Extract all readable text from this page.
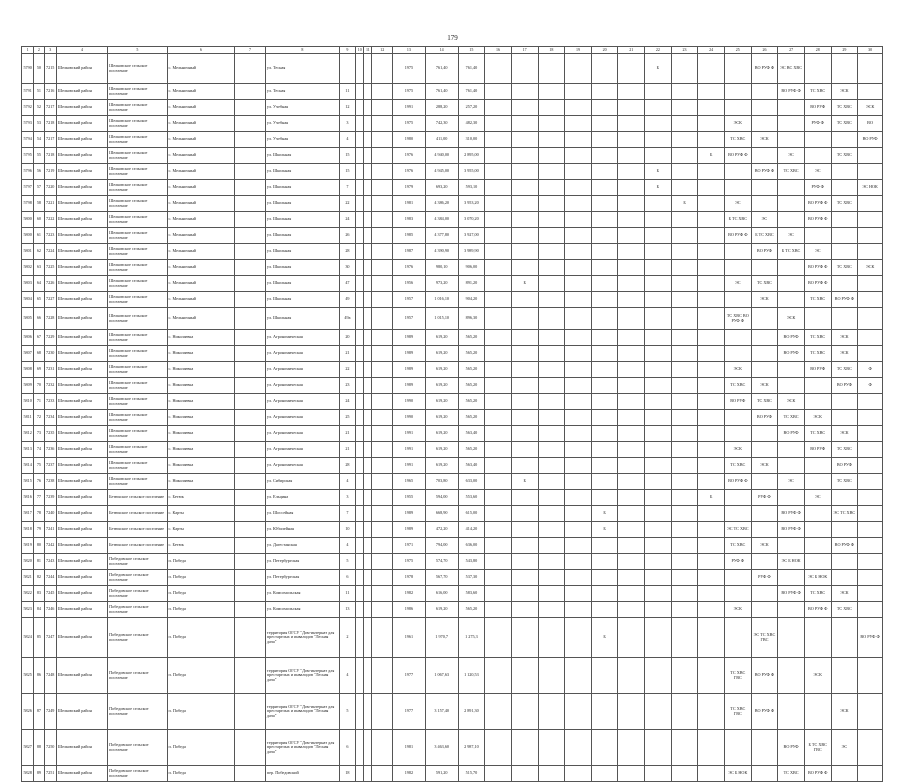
179
1	2	3	4	5	6	7	8	9	10	11	12	13	14	15	16	17	18	19	20	21	22	23	24	25	26	27	28	29	30
5790	50	7215	Шелковский район	Шелковское сельское поселение	с. Мельничный		ул. Тесная					1975	761,40	761,40							Б				ВО РУФ Ф	ЭС ВС ХВС			
5791	51	7216	Шелковский район	Шелковское сельское поселение	с. Мельничный		ул. Тесная	11				1975	761,40	761,40												ВО РУФ Ф	ТС ХВС	ЭСК	
5792	52	7217	Шелковский район	Шелковское сельское поселение	с. Мельничный		ул. Учебная	12				1991	288,20	257,20													ВО РУФ	ТС ХВС	ЭСК
5793	53	7218	Шелковский район	Шелковское сельское поселение	с. Мельничный		ул. Учебная	3				1975	742,30	482,30										ЭСК			РУФ Ф	ТС ХВС	ВО
5794	54	7217	Шелковский район	Шелковское сельское поселение	с. Мельничный		ул. Учебная	4				1980	411,00	310,00										ТС ХВС	ЭСК				ВО РУФ
5795	55	7218	Шелковский район	Шелковское сельское поселение	с. Мельничный		ул. Школьная	15				1976	4 940,00	2 895,00									Б	ВО РУФ Ф		ЭС		ТС ХВС	
5796	56	7219	Шелковский район	Шелковское сельское поселение	с. Мельничный		ул. Школьная	15				1976	4 945,00	3 955,00							Б				ВО РУФ Ф	ТС ХВС	ЭС		
5797	57	7220	Шелковский район	Шелковское сельское поселение	с. Мельничный		ул. Школьная	7				1979	693,20	593,10							Б						РУФ Ф		ЭС НОК
5798	58	7221	Шелковский район	Шелковское сельское поселение	с. Мельничный		ул. Школьная	22				1981	4 386,20	3 953,20								Б		ЭС			ВО РУФ Ф	ТС ХВС	
5800	60	7222	Шелковский район	Шелковское сельское поселение	с. Мельничный		ул. Школьная	24				1983	4 384,00	3 070,20										Б ТС ХВС	ЭС		ВО РУФ Ф		
5800	61	7223	Шелковский район	Шелковское сельское поселение	с. Мельничный		ул. Школьная	26				1985	4 377,80	3 927,00										ВО РУФ Ф	Б ТС ХВС	ЭС			
5801	62	7224	Шелковский район	Шелковское сельское поселение	с. Мельничный		ул. Школьная	28				1987	4 390,90	3 989,90											ВО РУФ	Б ТС ХВС	ЭС		
5802	63	7225	Шелковский район	Шелковское сельское поселение	с. Мельничный		ул. Школьная	30				1976	980,10	906,00													ВО РУФ Ф	ТС ХВС	ЭСК
5803	64	7226	Шелковский район	Шелковское сельское поселение	с. Мельничный		ул. Школьная	47				1956	973,20	891,20		Б								ЭС	ТС ХВС		ВО РУФ Ф		
5804	65	7227	Шелковский район	Шелковское сельское поселение	с. Мельничный		ул. Школьная	49				1957	1 016,10	904,20											ЭСК		ТС ХВС	ВО РУФ Ф	
5805	66	7228	Шелковский район	Шелковское сельское поселение	с. Мельничный		ул. Школьная	49а				1957	1 015,10	896,30										ТС ХВС ВО РУФ Ф		ЭСК			
5806	67	7229	Шелковский район	Шелковское сельское поселение	с. Николаевка		ул. Агрономическая	20				1989	619,20	565,20												ВО РУФ	ТС ХВС	ЭСК	
5807	68	7230	Шелковский район	Шелковское сельское поселение	с. Николаевка		ул. Агрономическая	21				1989	619,20	565,20												ВО РУФ	ТС ХВС	ЭСК	
5808	69	7231	Шелковский район	Шелковское сельское поселение	с. Николаевка		ул. Агрономическая	22				1989	619,20	565,20										ЭСК			ВО РУФ	ТС ХВС	Ф
5809	70	7232	Шелковский район	Шелковское сельское поселение	с. Николаевка		ул. Агрономическая	23				1989	619,20	565,20										ТС ХВС	ЭСК			ВО РУФ	Ф
5810	71	7233	Шелковский район	Шелковское сельское поселение	с. Николаевка		ул. Агрономическая	24				1990	619,20	565,20										ВО РУФ	ТС ХВС	ЭСК			
5811	72	7234	Шелковский район	Шелковское сельское поселение	с. Николаевка		ул. Агрономическая	25				1990	619,20	565,20											ВО РУФ	ТС ХВС	ЭСК		
5812	73	7235	Шелковский район	Шелковское сельское поселение	с. Николаевка		ул. Агрономическая	21				1991	619,20	563,40												ВО РУФ	ТС ХВС	ЭСК	
5813	74	7236	Шелковский район	Шелковское сельское поселение	с. Николаевка		ул. Агрономическая	21				1991	619,20	565,20										ЭСК			ВО РУФ	ТС ХВС	
5814	75	7237	Шелковский район	Шелковское сельское поселение	с. Николаевка		ул. Агрономическая	28				1991	619,20	563,40										ТС ХВС	ЭСК			ВО РУФ	
5815	76	7238	Шелковский район	Шелковское сельское поселение	с. Николаевка		ул. Сибирская	4				1965	703,80	633,00		Б								ВО РУФ Ф		ЭС		ТС ХВС	
5816	77	7239	Шелковский район	Бетюкское сельское поселение	с. Бетюк		ул. Ельцина	3				1955	594,00	553,60									Б		РУФ Ф		ЭС		
5817	78	7240	Шелковский район	Бетюкское сельское поселение	с. Карты		ул. Шоссейная	7				1989	668,90	615,00					Б							ВО РУФ Ф		ЭС ТС ХВС	
5818	79	7241	Шелковский район	Бетюкское сельское поселение	с. Карты		ул. Юбилейная	10				1989	472,20	414,20					Б					ЭС ТС ХВС		ВО РУФ Ф			
5819	80	7242	Шелковский район	Бетюкское сельское поселение	с. Бетюк		ул. Дагестанская	4				1971	794,00	636,00										ТС ХВС	ЭСК			ВО РУФ Ф	
5820	81	7243	Шелковский район	Победовское сельское поселение	п. Победа		ул. Петербургская	5				1975	574,70	543,80										РУФ Ф		ЭС Б НОК			
5821	82	7244	Шелковский район	Победовское сельское поселение	п. Победа		ул. Петербургская	6				1978	567,70	537,30											РУФ Ф		ЭС Б НОК		
5822	83	7245	Шелковский район	Победовское сельское поселение	п. Победа		ул. Комсомольская	11				1982	616,00	583,60												ВО РУФ Ф	ТС ХВС	ЭСК	
5823	84	7246	Шелковский район	Победовское сельское поселение	п. Победа		ул. Комсомольская	13				1986	619,20	565,20										ЭСК			ВО РУФ Ф	ТС ХВС	
5824	85	7247	Шелковский район	Победовское сельское поселение	п. Победа		территория ОГСУ "Дом-интернат для престарелых и инвалидов "Лесная дача"	2				1961	1 970,7	1 275,3					Б						ЭС ТС ХВС ГВС				ВО РУФ Ф
5825	86	7248	Шелковский район	Победовское сельское поселение	п. Победа		территория ОГСУ "Дом-интернат для престарелых и инвалидов "Лесная дача"	4				1977	1 067,63	1 120,53										ТС ХВС ГВС	ВО РУФ Ф		ЭСК		
5826	87	7249	Шелковский район	Победовское сельское поселение	п. Победа		территория ОГСУ "Дом-интернат для престарелых и инвалидов "Лесная дача"	5				1977	3 157,40	2 891,30										ТС ХВС ГВС	ВО РУФ Ф			ЭСК	
5827	88	7250	Шелковский район	Победовское сельское поселение	п. Победа		территория ОГСУ "Дом-интернат для престарелых и инвалидов "Лесная дача"	6				1981	3 463,60	2 987,10												ВО РУФ	Б ТС ХВС ГВС	ЭС	
5828	89	7251	Шелковский район	Победовское сельское поселение	п. Победа		пер. Победовский	18				1982	591,20	515,70										ЭС Б НОК		ТС ХВС	ВО РУФ Ф		
